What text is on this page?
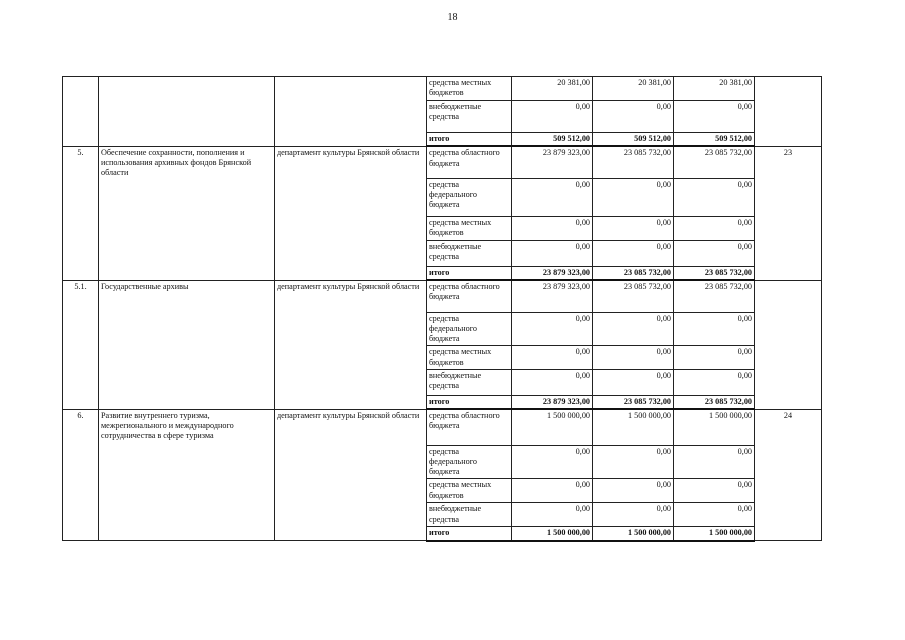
18
			средства местных бюджетов	20 381,00	20 381,00	20 381,00	
			внебюджетные средства	0,00	0,00	0,00	
			итого	509 512,00	509 512,00	509 512,00	
5.	Обеспечение сохранности, пополнения и использования архивных фондов Брянской области	департамент культуры Брянской области	средства областного бюджета	23 879 323,00	23 085 732,00	23 085 732,00	23
			средства федерального бюджета	0,00	0,00	0,00	
			средства местных бюджетов	0,00	0,00	0,00	
			внебюджетные средства	0,00	0,00	0,00	
			итого	23 879 323,00	23 085 732,00	23 085 732,00	
5.1.	Государственные архивы	департамент культуры Брянской области	средства областного бюджета	23 879 323,00	23 085 732,00	23 085 732,00	
			средства федерального бюджета	0,00	0,00	0,00	
			средства местных бюджетов	0,00	0,00	0,00	
			внебюджетные средства	0,00	0,00	0,00	
			итого	23 879 323,00	23 085 732,00	23 085 732,00	
6.	Развитие внутреннего туризма, межрегионального и международного сотрудничества в сфере туризма	департамент культуры Брянской области	средства областного бюджета	1 500 000,00	1 500 000,00	1 500 000,00	24
			средства федерального бюджета	0,00	0,00	0,00	
			средства местных бюджетов	0,00	0,00	0,00	
			внебюджетные средства	0,00	0,00	0,00	
			итого	1 500 000,00	1 500 000,00	1 500 000,00	
